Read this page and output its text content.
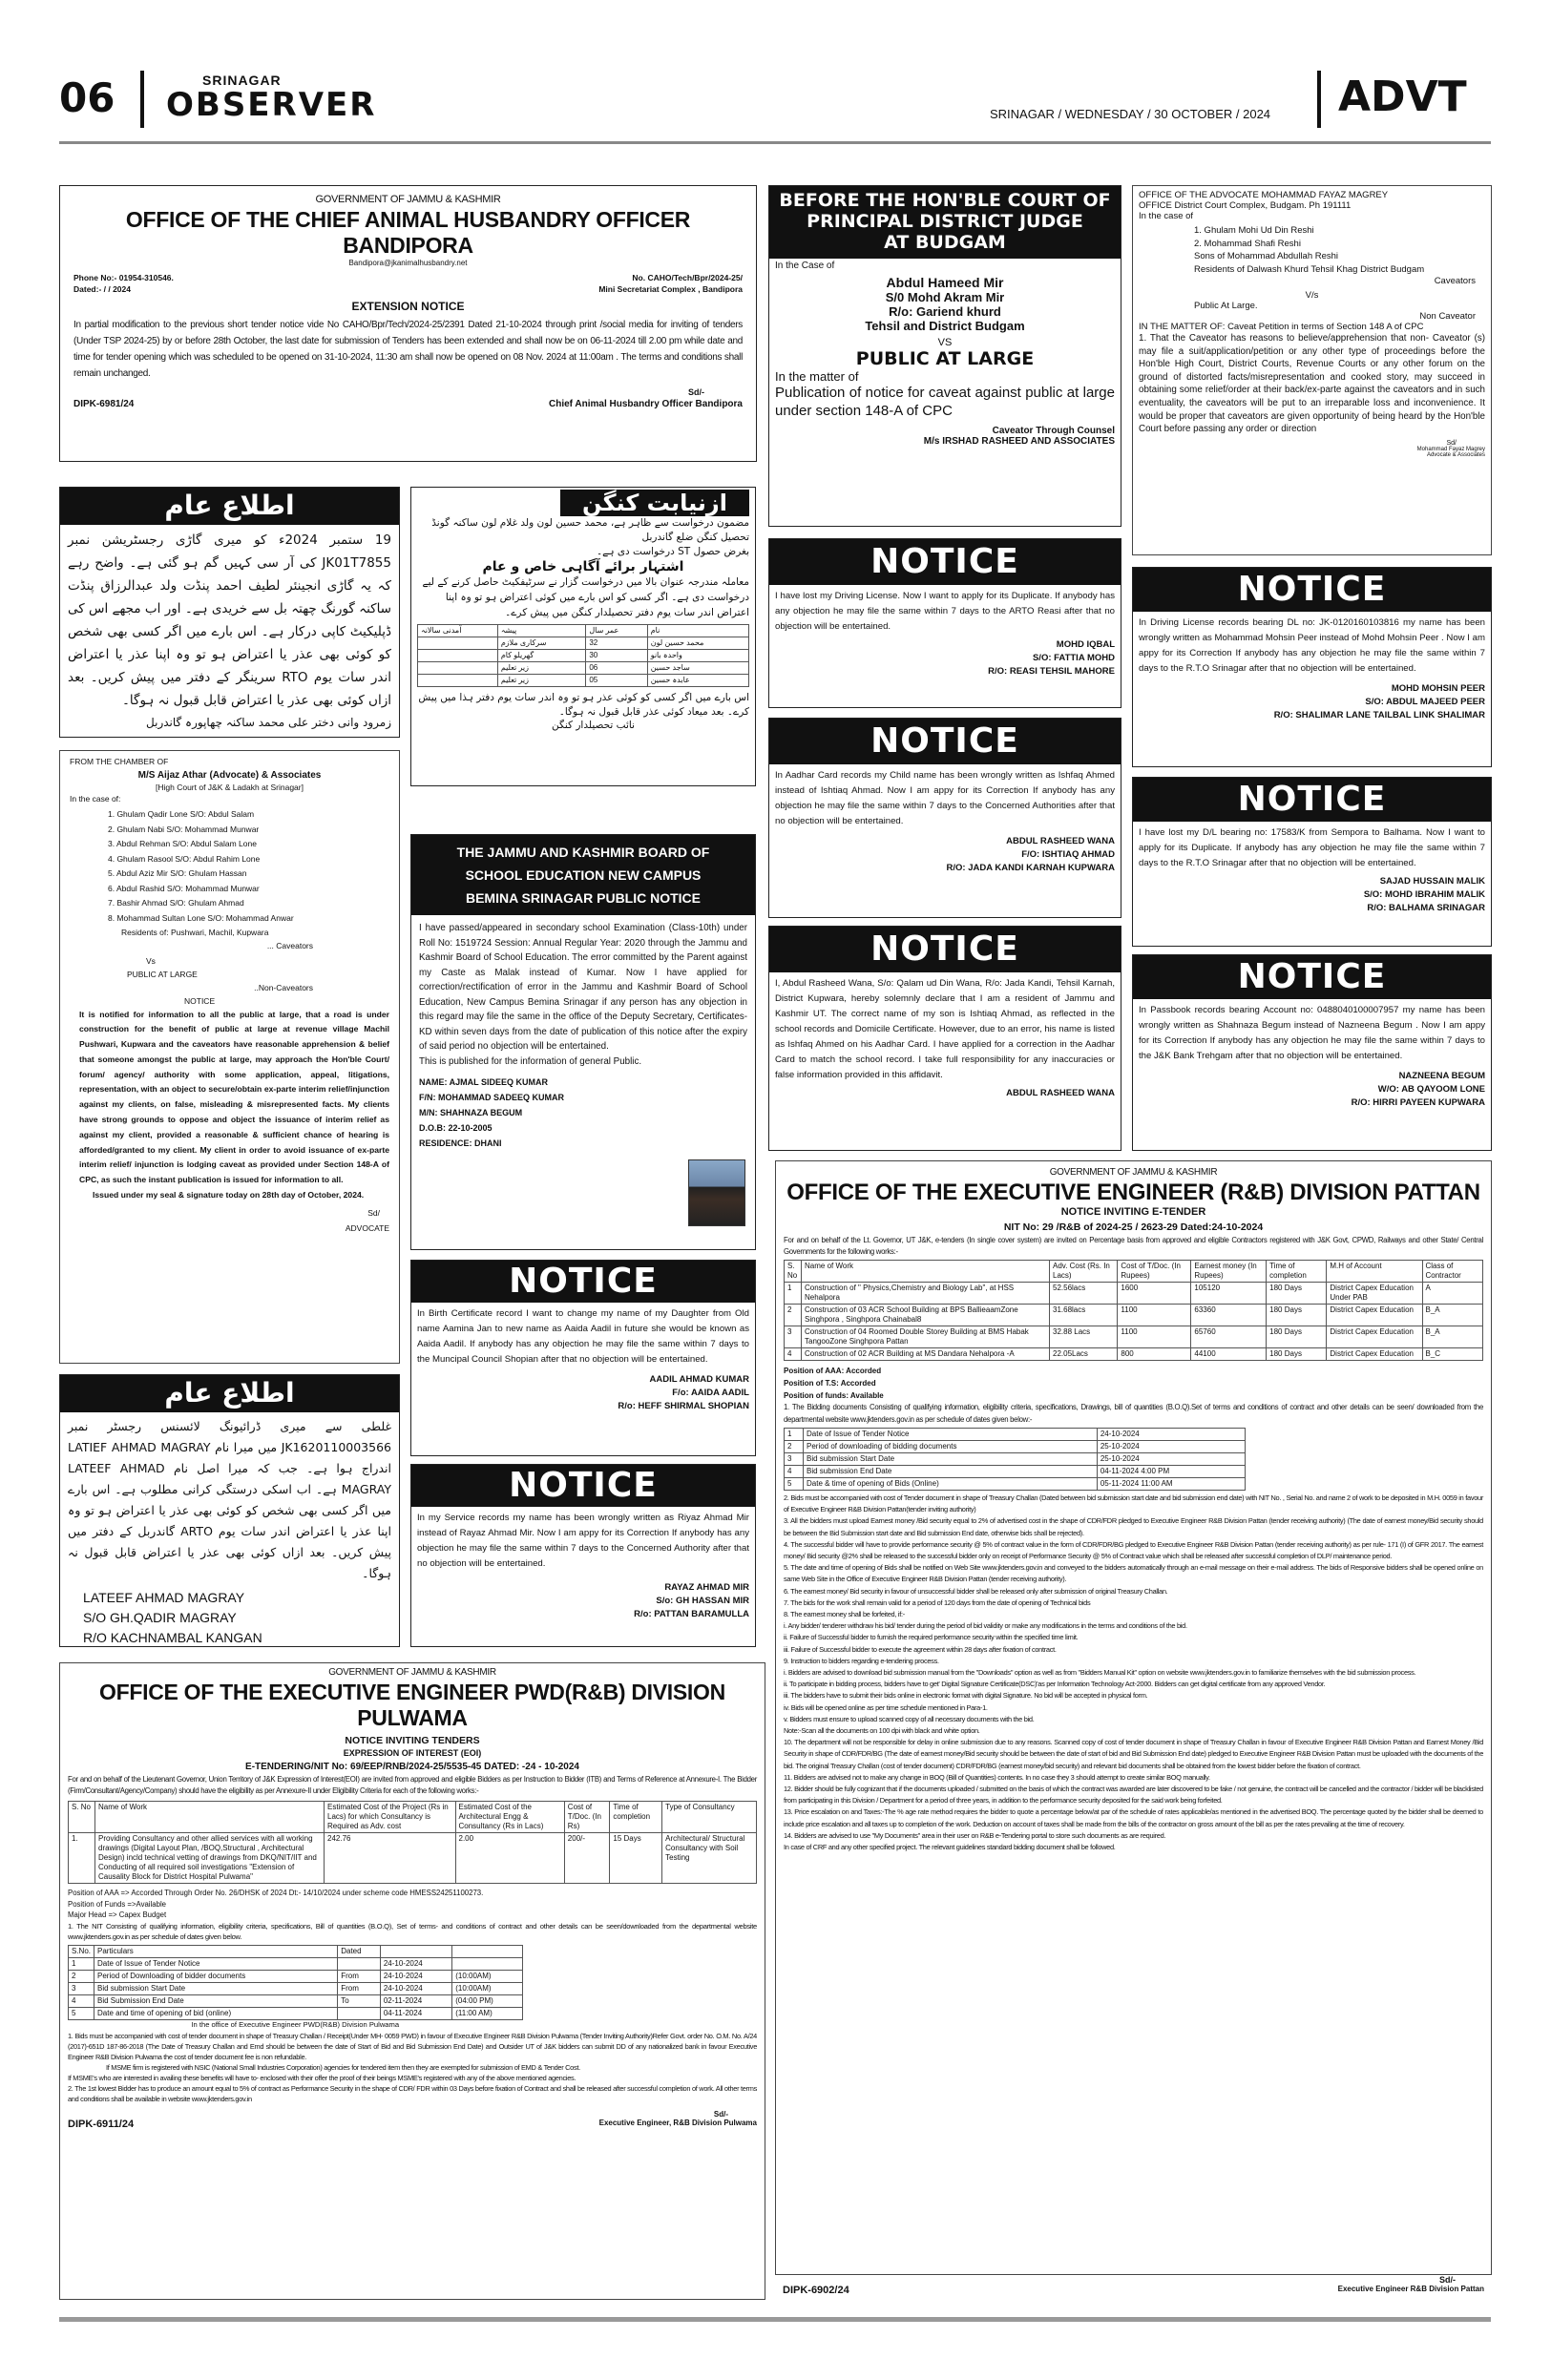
06	SRINAGAR
OBSERVER	SRINAGAR / WEDNESDAY / 30 OCTOBER / 2024 ADVT
GOVERNMENT OF JAMMU & KASHMIR
OFFICE OF THE CHIEF ANIMAL HUSBANDRY OFFICER BANDIPORA
Bandipora@jkanimalhusbandry.net
Phone No:- 01954-310546.	No. CAHO/Tech/Bpr/2024-25/
Dated:- / / 2024	Mini Secretariat Complex , Bandipora
EXTENSION NOTICE
In partial modification to the previous short tender notice vide No CAHO/Bpr/Tech/2024-25/2391 Dated 21-10-2024 through print /social media for inviting of tenders (Under TSP 2024-25) by or before 28th October, the last date for submission of Tenders has been extended and shall now be on 06-11-2024 till 2.00 pm while date and time for tender opening which was scheduled to be opened on 31-10-2024, 11:30 am shall now be opened on 08 Nov. 2024 at 11:00am . The terms and conditions shall remain unchanged.
Sd/-
DIPK-6981/24	Chief Animal Husbandry Officer Bandipora
BEFORE THE HON'BLE COURT OF
PRINCIPAL DISTRICT JUDGE
AT BUDGAM
In the Case of
Abdul Hameed Mir
S/0 Mohd Akram Mir
R/o: Gariend khurd
Tehsil and District Budgam
VS
PUBLIC AT LARGE
In the matter of
Publication of notice for caveat against public at large under section 148-A of CPC
Caveator Through Counsel
M/s IRSHAD RASHEED AND ASSOCIATES
OFFICE OF THE ADVOCATE MOHAMMAD FAYAZ MAGREY
OFFICE District Court Complex, Budgam. Ph 191111
In the case of
1. Ghulam Mohi Ud Din Reshi
2. Mohammad Shafi Reshi
Sons of Mohammad Abdullah Reshi
Residents of Dalwash Khurd Tehsil Khag District Budgam
Caveators
V/s
Public At Large.
Non Caveator
IN THE MATTER OF: Caveat Petition in terms of Section 148 A of CPC
1. That the Caveator has reasons to believe/apprehension that non- Caveator (s) may file a suit/application/petition or any other type of proceedings before the Hon'ble High Court, District Courts, Revenue Courts or any other forum on the ground of distorted facts/misrepresentation and cooked story, may succeed in obtaining some relief/order at their back/ex-parte against the caveators and in such eventuality, the caveators will be put to an irreparable loss and inconvenience. It would be proper that caveators are given opportunity of being heard by the Hon'ble Court before passing any order or direction
Sd/
Mohammad Fayaz Magrey
Advocate & Associates
اطلاع عام
19 ستمبر 2024ء کو میری گاڑی رجسٹریشن نمبر JK01T7855 کی آر سی کہیں گم ہو گئی ہے۔ واضح رہے کہ یہ گاڑی انجینئر لطیف احمد پنڈت ولد عبدالرزاق پنڈت ساکنہ گورنگ چھتہ بل سے خریدی ہے۔ اور اب مجھے اس کی ڈپلیکیٹ کاپی درکار ہے۔ اس بارے میں اگر کسی بھی شخص کو کوئی بھی عذر یا اعتراض ہو تو وہ اپنا عذر یا اعتراض اندر سات یوم RTO سرینگر کے دفتر میں پیش کریں۔ بعد ازاں کوئی بھی عذر یا اعتراض قابل قبول نہ ہوگا۔
زمرود وانی دختر علی محمد ساکنہ چھاپورہ گاندربل
ازنیابت کنگن
مضمون درخواست سے ظاہر ہے، محمد حسین لون ولد غلام لون ساکنہ گونڈ تحصیل کنگن ضلع گاندربل
بغرض حصول ST درخواست دی ہے۔
اشتہار برائے آگاہی خاص و عام
معاملہ مندرجہ عنوان بالا میں درخواست گزار نے سرٹیفکیٹ حاصل کرنے کے لیے درخواست دی ہے۔ اگر کسی کو اس بارے میں کوئی اعتراض ہو تو وہ اپنا اعتراض اندر سات یوم دفتر تحصیلدار کنگن میں پیش کرے۔
نام	عمر سال	پیشہ	آمدنی سالانہ
محمد حسین لون	32	سرکاری ملازم	
واحدہ بانو	30	گھریلو کام	
ساجد حسین	06	زیر تعلیم	
عابدہ حسین	05	زیر تعلیم	
اس بارے میں اگر کسی کو کوئی عذر ہو تو وہ اندر سات یوم دفتر ہذا میں پیش کرے۔ بعد میعاد کوئی عذر قابل قبول نہ ہوگا۔
نائب تحصیلدار کنگن
FROM THE CHAMBER OF
M/S Aijaz Athar (Advocate) & Associates
[High Court of J&K & Ladakh at Srinagar]
In the case of:
1. Ghulam Qadir Lone S/O: Abdul Salam
2. Ghulam Nabi S/O: Mohammad Munwar
3. Abdul Rehman S/O: Abdul Salam Lone
4. Ghulam Rasool S/O: Abdul Rahim Lone
5. Abdul Aziz Mir S/O: Ghulam Hassan
6. Abdul Rashid S/O: Mohammad Munwar
7. Bashir Ahmad S/O: Ghulam Ahmad
8. Mohammad Sultan Lone S/O: Mohammad Anwar
Residents of: Pushwari, Machil, Kupwara
... Caveators
Vs
PUBLIC AT LARGE
..Non-Caveators
NOTICE
It is notified for information to all the public at large, that a road is under construction for the benefit of public at large at revenue village Machil Pushwari, Kupwara and the caveators have reasonable apprehension & belief that someone amongst the public at large, may approach the Hon'ble Court/ forum/ agency/ authority with some application, appeal, litigations, representation, with an object to secure/obtain ex-parte interim relief/injunction against my clients, on false, misleading & misrepresented facts. My clients have strong grounds to oppose and object the issuance of interim relief as against my client, provided a reasonable & sufficient chance of hearing is afforded/granted to my client. My client in order to avoid issuance of ex-parte interim relief/ injunction is lodging caveat as provided under Section 148-A of CPC, as such the instant publication is issued for information to all.
Issued under my seal & signature today on 28th day of October, 2024.
Sd/
ADVOCATE
THE JAMMU AND KASHMIR BOARD OF SCHOOL EDUCATION NEW CAMPUS BEMINA SRINAGAR PUBLIC NOTICE
I have passed/appeared in secondary school Examination (Class-10th) under Roll No: 1519724 Session: Annual Regular Year: 2020 through the Jammu and Kashmir Board of School Education. The error committed by the Parent against my Caste as Malak instead of Kumar. Now I have applied for correction/rectification of error in the Jammu and Kashmir Board of School Education, New Campus Bemina Srinagar if any person has any objection in this regard may file the same in the office of the Deputy Secretary, Certificates-KD within seven days from the date of publication of this notice after the expiry of said period no objection will be entertained.
This is published for the information of general Public.
NAME: AJMAL SIDEEQ KUMAR
F/N: MOHAMMAD SADEEQ KUMAR
M/N: SHAHNAZA BEGUM
D.O.B: 22-10-2005
RESIDENCE: DHANI
NOTICE
I have lost my Driving License. Now I want to apply for its Duplicate. If anybody has any objection he may file the same within 7 days to the ARTO Reasi after that no objection will be entertained.
MOHD IQBAL
S/O: FATTIA MOHD
R/O: REASI TEHSIL MAHORE
NOTICE
In Aadhar Card records my Child name has been wrongly written as Ishfaq Ahmed instead of Ishtiaq Ahmad. Now I am appy for its Correction If anybody has any objection he may file the same within 7 days to the Concerned Authorities after that no objection will be entertained.
ABDUL RASHEED WANA
F/O: ISHTIAQ AHMAD
R/O: JADA KANDI KARNAH KUPWARA
NOTICE
I, Abdul Rasheed Wana, S/o: Qalam ud Din Wana, R/o: Jada Kandi, Tehsil Karnah, District Kupwara, hereby solemnly declare that I am a resident of Jammu and Kashmir UT. The correct name of my son is Ishtiaq Ahmad, as reflected in the school records and Domicile Certificate. However, due to an error, his name is listed as Ishfaq Ahmed on his Aadhar Card. I have applied for a correction in the Aadhar Card to match the school record. I take full responsibility for any inaccuracies or false information provided in this affidavit.
ABDUL RASHEED WANA
NOTICE
In Driving License records bearing DL no: JK-0120160103816 my name has been wrongly written as Mohammad Mohsin Peer instead of Mohd Mohsin Peer . Now I am appy for its Correction If anybody has any objection he may file the same within 7 days to the R.T.O Srinagar after that no objection will be entertained.
MOHD MOHSIN PEER
S/O: ABDUL MAJEED PEER
R/O: SHALIMAR LANE TAILBAL LINK SHALIMAR
NOTICE
I have lost my D/L bearing no: 17583/K from Sempora to Balhama. Now I want to apply for its Duplicate. If anybody has any objection he may file the same within 7 days to the R.T.O Srinagar after that no objection will be entertained.
SAJAD HUSSAIN MALIK
S/O: MOHD IBRAHIM MALIK
R/O: BALHAMA SRINAGAR
NOTICE
In Passbook records bearing Account no: 0488040100007957 my name has been wrongly written as Shahnaza Begum instead of Nazneena Begum . Now I am appy for its Correction If anybody has any objection he may file the same within 7 days to the J&K Bank Trehgam after that no objection will be entertained.
NAZNEENA BEGUM
W/O: AB QAYOOM LONE
R/O: HIRRI PAYEEN KUPWARA
NOTICE
In Birth Certificate record I want to change my name of my Daughter from Old name Aamina Jan to new name as Aaida Aadil in future she would be known as Aaida Aadil. If anybody has any objection he may file the same within 7 days to the Muncipal Council Shopian after that no objection will be entertained.
AADIL AHMAD KUMAR
F/o: AAIDA AADIL
R/o: HEFF SHIRMAL SHOPIAN
NOTICE
In my Service records my name has been wrongly written as Riyaz Ahmad Mir instead of Rayaz Ahmad Mir. Now I am appy for its Correction If anybody has any objection he may file the same within 7 days to the Concerned Authority after that no objection will be entertained.
RAYAZ AHMAD MIR
S/o: GH HASSAN MIR
R/o: PATTAN BARAMULLA
اطلاع عام
غلطی سے میری ڈرائیونگ لائسنس رجسٹر نمبر JK1620110003566 میں میرا نام LATIEF AHMAD MAGRAY اندراج ہوا ہے۔ جب کہ میرا اصل نام LATEEF AHMAD MAGRAY ہے۔ اب اسکی درستگی کرانی مطلوب ہے۔ اس بارے میں اگر کسی بھی شخص کو کوئی بھی عذر یا اعتراض ہو تو وہ اپنا عذر یا اعتراض اندر سات یوم ARTO گاندربل کے دفتر میں پیش کریں۔ بعد ازاں کوئی بھی عذر یا اعتراض قابل قبول نہ ہوگا۔
LATEEF AHMAD MAGRAY
S/O GH.QADIR MAGRAY
R/O KACHNAMBAL KANGAN
GOVERNMENT OF JAMMU & KASHMIR
OFFICE OF THE EXECUTIVE ENGINEER (R&B) DIVISION PATTAN
NOTICE INVITING E-TENDER
NIT No: 29 /R&B of 2024-25 / 2623-29 Dated:24-10-2024
For and on behalf of the Lt. Governor, UT J&K, e-tenders (In single cover system) are invited on Percentage basis from approved and eligible Contractors registered with J&K Govt, CPWD, Railways and other State/ Central Governments for the following works:-
S. No	Name of Work	Adv. Cost (Rs. In Lacs)	Cost of T/Doc. (In Rupees)	Earnest money (In Rupees)	Time of completion	M.H of Account	Class of Contractor
1	Construction of " Physics,Chemistry and Biology Lab", at HSS Nehalpora	52.56lacs	1600	105120	180 Days	District Capex Education Under PAB	A
2	Construction of 03 ACR School Building at BPS BallieaamZone Singhpora , Singhpora Chainabal8	31.68lacs	1100	63360	180 Days	District Capex Education	B_A
3	Construction of 04 Roomed Double Storey Building at BMS Habak TangooZone Singhpora Pattan	32.88 Lacs	1100	65760	180 Days	District Capex Education	B_A
4	Construction of 02 ACR Building at MS Dandara Nehalpora -A	22.05Lacs	800	44100	180 Days	District Capex Education	B_C
Position of AAA: Accorded
Position of T.S: Accorded
Position of funds: Available
1. The Bidding documents Consisting of qualifying information, eligibility criteria, specifications, Drawings, bill of quantities (B.O.Q).Set of terms and conditions of contract and other details can be seen/ downloaded from the departmental website www.jktenders.gov.in as per schedule of dates given below:-
1	Date of Issue of Tender Notice	24-10-2024
2	Period of downloading of bidding documents	25-10-2024
3	Bid submission Start Date	25-10-2024
4	Bid submission End Date	04-11-2024 4:00 PM
5	Date & time of opening of Bids (Online)	05-11-2024 11:00 AM
2. Bids must be accompanied with cost of Tender document in shape of Treasury Challan (Dated between bid submission start date and bid submission end date) with NIT No. , Serial No. and name 2 of work to be deposited in M.H. 0059 in favour of Executive Engineer R&B Division Pattan(tender inviting authority)
3. All the bidders must upload Earnest money /Bid security equal to 2% of advertised cost in the shape of CDR/FDR pledged to Executive Engineer R&B Division Pattan (tender receiving authority) (The date of earnest money/Bid security should be between the Bid Submission start date and Bid submission End date, otherwise bids shall be rejected).
4. The successful bidder will have to provide performance security @ 5% of contract value in the form of CDR/FDR/BG pledged to Executive Engineer R&B Division Pattan (tender receiving authority) as per rule- 171 (I) of GFR 2017. The earnest money/ Bid security @2% shall be released to the successful bidder only on receipt of Performance Security @ 5% of Contract value which shall be released after successful completion of DLP/ maintenance period.
5. The date and time of opening of Bids shall be notified on Web Site www.jktenders.gov.in and conveyed to the bidders automatically through an e-mail message on their e-mail address. The bids of Responsive bidders shall be opened online on same Web Site in the Office of Executive Engineer R&B Division Pattan (tender receiving authority).
6. The earnest money/ Bid security in favour of unsuccessful bidder shall be released only after submission of original Treasury Challan.
7. The bids for the work shall remain valid for a period of 120 days from the date of opening of Technical bids
8. The earnest money shall be forfeited, if:-
i. Any bidder/ tenderer withdraw his bid/ tender during the period of bid validity or make any modifications in the terms and conditions of the bid.
ii. Failure of Successful bidder to furnish the required performance security within the specified time limit.
iii. Failure of Successful bidder to execute the agreement within 28 days after fixation of contract.
9. Instruction to bidders regarding e-tendering process.
i. Bidders are advised to download bid submission manual from the "Downloads" option as well as from "Bidders Manual Kit" option on website www.jktenders.gov.in to familiarize themselves with the bid submission process.
ii. To participate in bidding process, bidders have to get' Digital Signature Certificate(DSC)'as per Information Technology Act-2000. Bidders can get digital certificate from any approved Vendor.
iii. The bidders have to submit their bids online in electronic format with digital Signature. No bid will be accepted in physical form.
iv. Bids will be opened online as per time schedule mentioned in Para-1.
v. Bidders must ensure to upload scanned copy of all necessary documents with the bid.
Note:-Scan all the documents on 100 dpi with black and white option.
10. The department will not be responsible for delay in online submission due to any reasons. Scanned copy of cost of tender document in shape of Treasury Challan in favour of Executive Engineer R&B Division Pattan and Earnest Money /Bid Security in shape of CDR/FDR/BG (The date of earnest money/Bid security should be between the date of start of bid and Bid Submission End date) pledged to Executive Engineer R&B Division Pattan must be uploaded with the documents of the bid. The original Treasury Challan (cost of tender document) CDR/FDR/BG (earnest money/bid security) and relevant bid documents shall be obtained from the lowest bidder before the fixation of contract.
11. Bidders are advised not to make any change in BOQ (Bill of Quantities) contents. In no case they 3 should attempt to create similar BOQ manually.
12. Bidder should be fully cognizant that if the documents uploaded / submitted on the basis of which the contract was awarded are later discovered to be fake / not genuine, the contract will be cancelled and the contractor / bidder will be blacklisted from participating in this Division / Department for a period of three years, in addition to the performance security deposited for the said work being forfeited.
13. Price escalation on and Taxes:-The % age rate method requires the bidder to quote a percentage below/at par of the schedule of rates applicable/as mentioned in the advertised BOQ. The percentage quoted by the bidder shall be deemed to include price escalation and all taxes up to completion of the work. Deduction on account of taxes shall be made from the bills of the contractor on gross amount of the bill as per the rates prevailing at the time of recovery.
14. Bidders are advised to use "My Documents" area in their user on R&B e-Tendering portal to store such documents as are required.
In case of CRF and any other specified project. The relevant guidelines standard bidding document shall be followed.
Sd/-
DIPK-6902/24	Executive Engineer R&B Division Pattan
GOVERNMENT OF JAMMU & KASHMIR
OFFICE OF THE EXECUTIVE ENGINEER PWD(R&B) DIVISION PULWAMA
NOTICE INVITING TENDERS
EXPRESSION OF INTEREST (EOI)
E-TENDERING/NIT No: 69/EEP/RNB/2024-25/5535-45 DATED: -24 - 10-2024
For and on behalf of the Lieutenant Governor, Union Territory of J&K Expression of Interest(EOI) are invited from approved and eligible Bidders as per Instruction to Bidder (ITB) and Terms of Reference at Annexure-I. The Bidder (Firm/Consultant/Agency/Company) should have the eligibility as per Annexure-II under Eligibility Criteria for each of the following works:-
S. No	Name of Work	Estimated Cost of the Project (Rs in Lacs) for which Consultancy is Required as Adv. cost	Estimated Cost of the Architectural Engg & Consultancy (Rs in Lacs)	Cost of T/Doc. (In Rs)	Time of completion	Type of Consultancy
1.	Providing Consultancy and other allied services with all working drawings (Digital Layout Plan, /BOQ,Structural , Architectural Design) incld technical vetting of drawings from DKQ/NIT/IIT and Conducting of all required soil investigations "Extension of Causality Block for District Hospital Pulwama"	242.76	2.00	200/-	15 Days	Architectural/ Structural Consultancy with Soil Testing
Position of AAA => Accorded Through Order No. 26/DHSK of 2024 Dt:- 14/10/2024 under scheme code HMESS24251100273.
Position of Funds =>Available
Major Head => Capex Budget
1. The NIT Consisting of qualifying information, eligibility criteria, specifications, Bill of quantities (B.O.Q), Set of terms- and conditions of contract and other details can be seen/downloaded from the departmental website www.jktenders.gov.in as per schedule of dates given below.
S.No.	Particulars	Dated		
1	Date of Issue of Tender Notice		24-10-2024	
2	Period of Downloading of bidder documents	From	24-10-2024	(10:00AM)
3	Bid submission Start Date	From	24-10-2024	(10:00AM)
4	Bid Submission End Date	To	02-11-2024	(04:00 PM)
5	Date and time of opening of bid (online)		04-11-2024	(11:00 AM)
In the office of Executive Engineer PWD(R&B) Division Pulwama
1. Bids must be accompanied with cost of tender document in shape of Treasury Challan / Receipt(Under MH- 0059 PWD) in favour of Executive Engineer R&B Division Pulwama (Tender Inviting Authority)Refer Govt. order No. O.M. No. A/24 (2017)-651D 187-86-2018 (The Date of Treasury Challan and Emd should be between the date of Start of Bid and Bid Submission End Date) and Outsider UT of J&K bidders can submit DD of any nationalized bank in favour Executive Engineer R&B Division Pulwama the cost of tender document fee is non refundable.
If MSME firm is registered with NSIC (National Small Industries Corporation) agencies for tendered item then they are exempted for submission of EMD & Tender Cost.
If MSME's who are interested in availing these benefits will have to- enclosed with their offer the proof of their beings MSME's registered with any of the above mentioned agencies.
2. The 1st lowest Bidder has to produce an amount equal to 5% of contract as Performance Security in the shape of CDR/ FDR within 03 Days before fixation of Contract and shall be released after successful completion of work. All other terms and conditions shall be available in website www.jktenders.gov.in
Sd/-
DIPK-6911/24	Executive Engineer, R&B Division Pulwama
